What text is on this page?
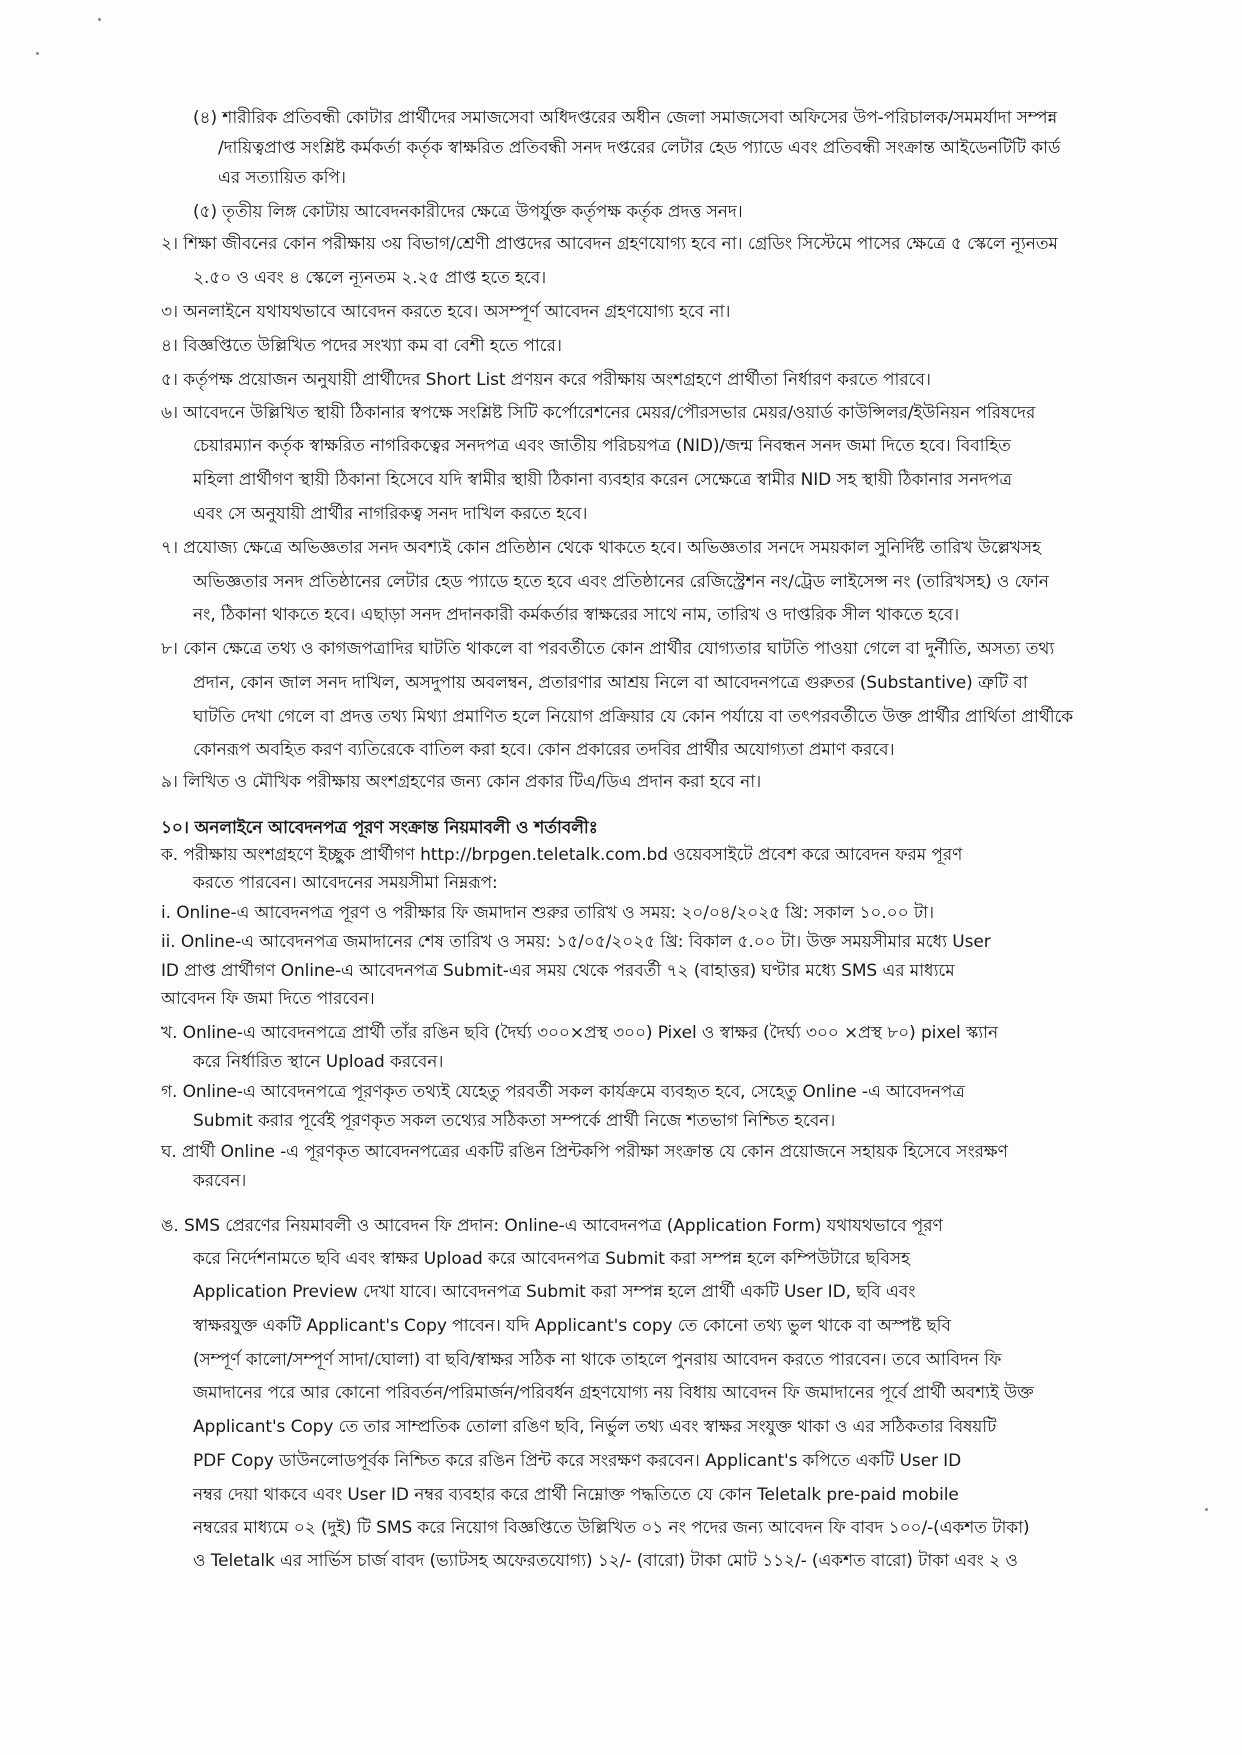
(৪) শারীরিক প্রতিবন্ধী কোটার প্রার্থীদের সমাজসেবা অধিদপ্তরের অধীন জেলা সমাজসেবা অফিসের উপ-পরিচালক/সমমর্যাদা সম্পন্ন
/দায়িত্বপ্রাপ্ত সংশ্লিষ্ট কর্মকর্তা কর্তৃক স্বাক্ষরিত প্রতিবন্ধী সনদ দপ্তরের লেটার হেড প্যাডে এবং প্রতিবন্ধী সংক্রান্ত আইডেনটিটি কার্ড
এর সত্যায়িত কপি।
(৫) তৃতীয় লিঙ্গ কোটায় আবেদনকারীদের ক্ষেত্রে উপর্যুক্ত কর্তৃপক্ষ কর্তৃক প্রদত্ত সনদ।
২। শিক্ষা জীবনের কোন পরীক্ষায় ৩য় বিভাগ/শ্রেণী প্রাপ্তদের আবেদন গ্রহণযোগ্য হবে না। গ্রেডিং সিস্টেমে পাসের ক্ষেত্রে ৫ স্কেলে ন্যূনতম
২.৫০ ও এবং ৪ স্কেলে ন্যূনতম ২.২৫ প্রাপ্ত হতে হবে।
৩। অনলাইনে যথাযথভাবে আবেদন করতে হবে। অসম্পূর্ণ আবেদন গ্রহণযোগ্য হবে না।
৪। বিজ্ঞপ্তিতে উল্লিখিত পদের সংখ্যা কম বা বেশী হতে পারে।
৫। কর্তৃপক্ষ প্রয়োজন অনুযায়ী প্রার্থীদের Short List প্রণয়ন করে পরীক্ষায় অংশগ্রহণে প্রার্থীতা নির্ধারণ করতে পারবে।
৬। আবেদনে উল্লিখিত স্থায়ী ঠিকানার স্বপক্ষে সংশ্লিষ্ট সিটি কর্পোরেশনের মেয়র/পৌরসভার মেয়র/ওয়ার্ড কাউন্সিলর/ইউনিয়ন পরিষদের
চেয়ারম্যান কর্তৃক স্বাক্ষরিত নাগরিকত্বের সনদপত্র এবং জাতীয় পরিচয়পত্র (NID)/জন্ম নিবন্ধন সনদ জমা দিতে হবে। বিবাহিত
মহিলা প্রার্থীগণ স্থায়ী ঠিকানা হিসেবে যদি স্বামীর স্থায়ী ঠিকানা ব্যবহার করেন সেক্ষেত্রে স্বামীর NID সহ স্থায়ী ঠিকানার সনদপত্র
এবং সে অনুযায়ী প্রার্থীর নাগরিকত্ব সনদ দাখিল করতে হবে।
৭। প্রযোজ্য ক্ষেত্রে অভিজ্ঞতার সনদ অবশ্যই কোন প্রতিষ্ঠান থেকে থাকতে হবে। অভিজ্ঞতার সনদে সময়কাল সুনির্দিষ্ট তারিখ উল্লেখসহ
অভিজ্ঞতার সনদ প্রতিষ্ঠানের লেটার হেড প্যাডে হতে হবে এবং প্রতিষ্ঠানের রেজিস্ট্রেশন নং/ট্রেড লাইসেন্স নং (তারিখসহ) ও ফোন
নং, ঠিকানা থাকতে হবে। এছাড়া সনদ প্রদানকারী কর্মকর্তার স্বাক্ষরের সাথে নাম, তারিখ ও দাপ্তরিক সীল থাকতে হবে।
৮। কোন ক্ষেত্রে তথ্য ও কাগজপত্রাদির ঘাটতি থাকলে বা পরবর্তীতে কোন প্রার্থীর যোগ্যতার ঘাটতি পাওয়া গেলে বা দুর্নীতি, অসত্য তথ্য
প্রদান, কোন জাল সনদ দাখিল, অসদুপায় অবলম্বন, প্রতারণার আশ্রয় নিলে বা আবেদনপত্রে গুরুতর (Substantive) ত্রুটি বা
ঘাটতি দেখা গেলে বা প্রদত্ত তথ্য মিথ্যা প্রমাণিত হলে নিয়োগ প্রক্রিয়ার যে কোন পর্যায়ে বা তৎপরবর্তীতে উক্ত প্রার্থীর প্রার্থিতা প্রার্থীকে
কোনরূপ অবহিত করণ ব্যতিরেকে বাতিল করা হবে। কোন প্রকারের তদবির প্রার্থীর অযোগ্যতা প্রমাণ করবে।
৯। লিখিত ও মৌখিক পরীক্ষায় অংশগ্রহণের জন্য কোন প্রকার টিএ/ডিএ প্রদান করা হবে না।
১০। অনলাইনে আবেদনপত্র পূরণ সংক্রান্ত নিয়মাবলী ও শর্তাবলীঃ
ক. পরীক্ষায় অংশগ্রহণে ইচ্ছুক প্রার্থীগণ http://brpgen.teletalk.com.bd ওয়েবসাইটে প্রবেশ করে আবেদন ফরম পূরণ
করতে পারবেন। আবেদনের সময়সীমা নিম্নরূপ:
i. Online-এ আবেদনপত্র পূরণ ও পরীক্ষার ফি জমাদান শুরুর তারিখ ও সময়: ২০/০৪/২০২৫ খ্রি: সকাল ১০.০০ টা।
ii. Online-এ আবেদনপত্র জমাদানের শেষ তারিখ ও সময়: ১৫/০৫/২০২৫ খ্রি: বিকাল ৫.০০ টা। উক্ত সময়সীমার মধ্যে User
ID প্রাপ্ত প্রার্থীগণ Online-এ আবেদনপত্র Submit-এর সময় থেকে পরবর্তী ৭২ (বাহাত্তর) ঘণ্টার মধ্যে SMS এর মাধ্যমে
আবেদন ফি জমা দিতে পারবেন।
খ. Online-এ আবেদনপত্রে প্রার্থী তাঁর রঙিন ছবি (দৈর্ঘ্য ৩০০×প্রস্থ ৩০০) Pixel ও স্বাক্ষর (দৈর্ঘ্য ৩০০ ×প্রস্থ ৮০) pixel স্ক্যান
করে নির্ধারিত স্থানে Upload করবেন।
গ. Online-এ আবেদনপত্রে পূরণকৃত তথ্যই যেহেতু পরবর্তী সকল কার্যক্রমে ব্যবহৃত হবে, সেহেতু Online -এ আবেদনপত্র
Submit করার পূর্বেই পূরণকৃত সকল তথ্যের সঠিকতা সম্পর্কে প্রার্থী নিজে শতভাগ নিশ্চিত হবেন।
ঘ. প্রার্থী Online -এ পূরণকৃত আবেদনপত্রের একটি রঙিন প্রিন্টকপি পরীক্ষা সংক্রান্ত যে কোন প্রয়োজনে সহায়ক হিসেবে সংরক্ষণ
করবেন।
ঙ. SMS প্রেরণের নিয়মাবলী ও আবেদন ফি প্রদান: Online-এ আবেদনপত্র (Application Form) যথাযথভাবে পূরণ
করে নির্দেশনামতে ছবি এবং স্বাক্ষর Upload করে আবেদনপত্র Submit করা সম্পন্ন হলে কম্পিউটারে ছবিসহ
Application Preview দেখা যাবে। আবেদনপত্র Submit করা সম্পন্ন হলে প্রার্থী একটি User ID, ছবি এবং
স্বাক্ষরযুক্ত একটি Applicant's Copy পাবেন। যদি Applicant's copy তে কোনো তথ্য ভুল থাকে বা অস্পষ্ট ছবি
(সম্পূর্ণ কালো/সম্পূর্ণ সাদা/ঘোলা) বা ছবি/স্বাক্ষর সঠিক না থাকে তাহলে পুনরায় আবেদন করতে পারবেন। তবে আবিদন ফি
জমাদানের পরে আর কোনো পরিবর্তন/পরিমার্জন/পরিবর্ধন গ্রহণযোগ্য নয় বিধায় আবেদন ফি জমাদানের পূর্বে প্রার্থী অবশ্যই উক্ত
Applicant's Copy তে তার সাম্প্রতিক তোলা রঙিণ ছবি, নির্ভুল তথ্য এবং স্বাক্ষর সংযুক্ত থাকা ও এর সঠিকতার বিষয়টি
PDF Copy ডাউনলোডপূর্বক নিশ্চিত করে রঙিন প্রিন্ট করে সংরক্ষণ করবেন। Applicant's কপিতে একটি User ID
নম্বর দেয়া থাকবে এবং User ID নম্বর ব্যবহার করে প্রার্থী নিম্নোক্ত পদ্ধতিতে যে কোন Teletalk pre-paid mobile
নম্বরের মাধ্যমে ০২ (দুই) টি SMS করে নিয়োগ বিজ্ঞপ্তিতে উল্লিখিত ০১ নং পদের জন্য আবেদন ফি বাবদ ১০০/-(একশত টাকা)
ও Teletalk এর সার্ভিস চার্জ বাবদ (ভ্যাটসহ অফেরতযোগ্য) ১২/- (বারো) টাকা মোট ১১২/- (একশত বারো) টাকা এবং ২ ও
